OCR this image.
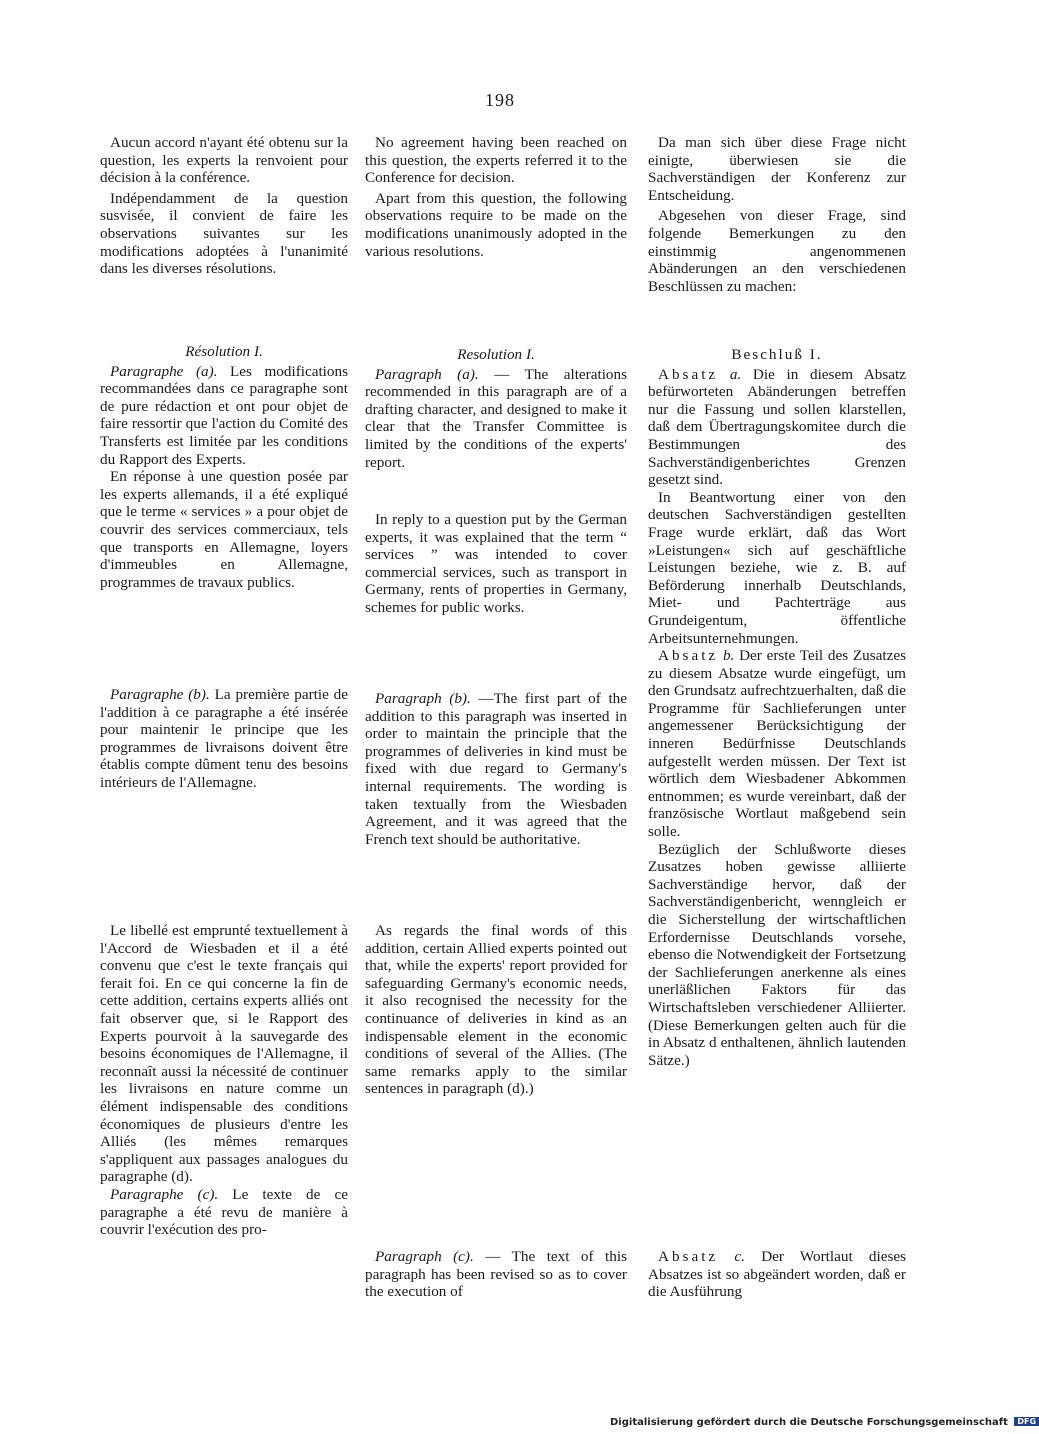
198

Aucun accord n'ayant été obtenu sur la question, les experts la renvoient pour décision à la conférence.

Indépendamment de la question susvisée, il convient de faire les observations suivantes sur les modifications adoptées à l'unanimité dans les diverses résolutions.

Résolution I.

Paragraphe (a). Les modifications recommandées dans ce paragraphe sont de pure rédaction et ont pour objet de faire ressortir que l'action du Comité des Transferts est limitée par les conditions du Rapport des Experts.

En réponse à une question posée par les experts allemands, il a été expliqué que le terme « services » a pour objet de couvrir des services commerciaux, tels que transports en Allemagne, loyers d'immeubles en Allemagne, programmes de travaux publics.

Paragraphe (b). La première partie de l'addition à ce paragraphe a été insérée pour maintenir le principe que les programmes de livraisons doivent être établis compte dûment tenu des besoins intérieurs de l'Allemagne.

Le libellé est emprunté textuellement à l'Accord de Wiesbaden et il a été convenu que c'est le texte français qui ferait foi. En ce qui concerne la fin de cette addition, certains experts alliés ont fait observer que, si le Rapport des Experts pourvoit à la sauvegarde des besoins économiques de l'Allemagne, il reconnaît aussi la nécessité de continuer les livraisons en nature comme un élément indispensable des conditions économiques de plusieurs d'entre les Alliés (les mêmes remarques s'appliquent aux passages analogues du paragraphe (d).

Paragraphe (c). Le texte de ce paragraphe a été revu de manière à couvrir l'exécution des pro-

No agreement having been reached on this question, the experts referred it to the Conference for decision.

Apart from this question, the following observations require to be made on the modifications unanimously adopted in the various resolutions.

Resolution I.

Paragraph (a). — The alterations recommended in this paragraph are of a drafting character, and designed to make it clear that the Transfer Committee is limited by the conditions of the experts' report.

In reply to a question put by the German experts, it was explained that the term “ services ” was intended to cover commercial services, such as transport in Germany, rents of properties in Germany, schemes for public works.

Paragraph (b). —The first part of the addition to this paragraph was inserted in order to maintain the principle that the programmes of deliveries in kind must be fixed with due regard to Germany's internal requirements. The wording is taken textually from the Wiesbaden Agreement, and it was agreed that the French text should be authoritative.

As regards the final words of this addition, certain Allied experts pointed out that, while the experts' report provided for safeguarding Germany's economic needs, it also recognised the necessity for the continuance of deliveries in kind as an indispensable element in the economic conditions of several of the Allies. (The same remarks apply to the similar sentences in paragraph (d).)

Paragraph (c). — The text of this paragraph has been revised so as to cover the execution of

Da man sich über diese Frage nicht einigte, überwiesen sie die Sachverständigen der Konferenz zur Entscheidung.

Abgesehen von dieser Frage, sind folgende Bemerkungen zu den einstimmig angenommenen Abänderungen an den verschiedenen Beschlüssen zu machen:

Beschluß I.

Absatz a. Die in diesem Absatz befürworteten Abänderungen betreffen nur die Fassung und sollen klarstellen, daß dem Übertragungskomitee durch die Bestimmungen des Sachverständigenberichtes Grenzen gesetzt sind.

In Beantwortung einer von den deutschen Sachverständigen gestellten Frage wurde erklärt, daß das Wort »Leistungen« sich auf geschäftliche Leistungen beziehe, wie z. B. auf Beförderung innerhalb Deutschlands, Miet- und Pachterträge aus Grundeigentum, öffentliche Arbeitsunternehmungen.

Absatz b. Der erste Teil des Zusatzes zu diesem Absatze wurde eingefügt, um den Grundsatz aufrechtzuerhalten, daß die Programme für Sachlieferungen unter angemessener Berücksichtigung der inneren Bedürfnisse Deutschlands aufgestellt werden müssen. Der Text ist wörtlich dem Wiesbadener Abkommen entnommen; es wurde vereinbart, daß der französische Wortlaut maßgebend sein solle.

Bezüglich der Schlußworte dieses Zusatzes hoben gewisse alliierte Sachverständige hervor, daß der Sachverständigenbericht, wenngleich er die Sicherstellung der wirtschaftlichen Erfordernisse Deutschlands vorsehe, ebenso die Notwendigkeit der Fortsetzung der Sachlieferungen anerkenne als eines unerläßlichen Faktors für das Wirtschaftsleben verschiedener Alliierter. (Diese Bemerkungen gelten auch für die in Absatz d enthaltenen, ähnlich lautenden Sätze.)

Absatz c. Der Wortlaut dieses Absatzes ist so abgeändert worden, daß er die Ausführung

Digitalisierung gefördert durch die Deutsche Forschungsgemeinschaft DFG
